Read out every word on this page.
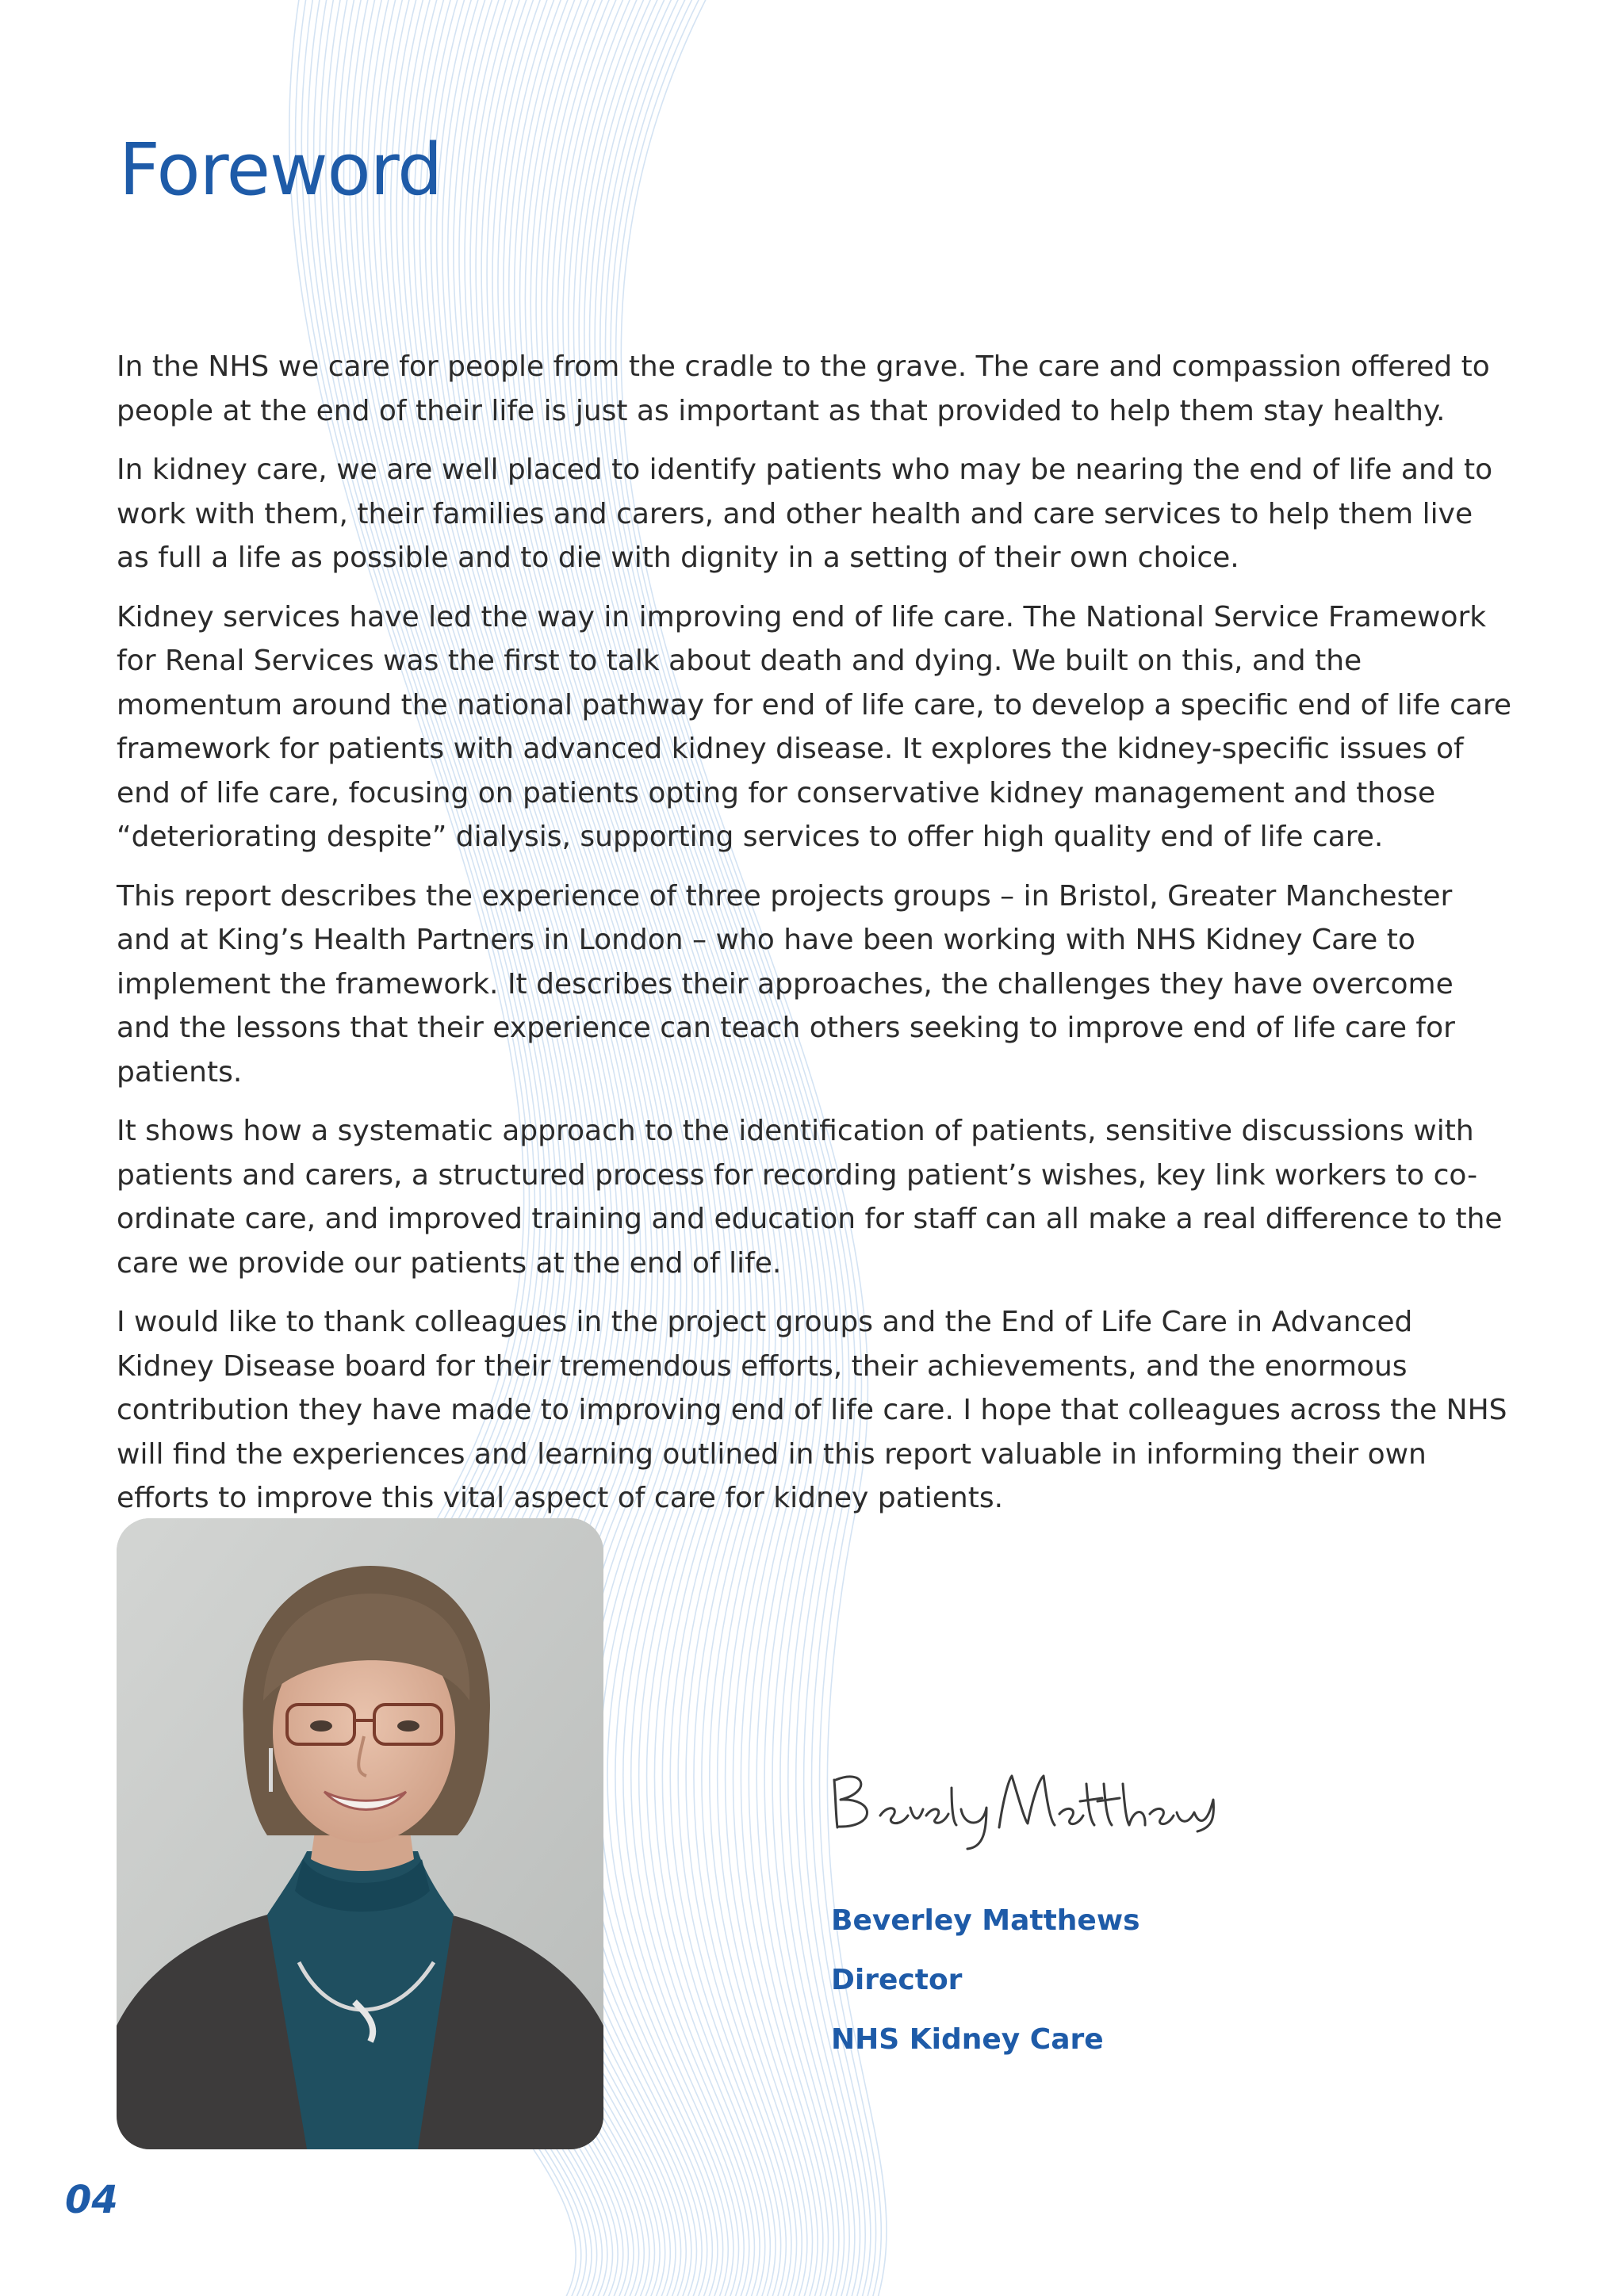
Foreword

In the NHS we care for people from the cradle to the grave. The care and compassion offered to people at the end of their life is just as important as that provided to help them stay healthy.

In kidney care, we are well placed to identify patients who may be nearing the end of life and to work with them, their families and carers, and other health and care services to help them live as full a life as possible and to die with dignity in a setting of their own choice.

Kidney services have led the way in improving end of life care. The National Service Framework for Renal Services was the first to talk about death and dying. We built on this, and the momentum around the national pathway for end of life care, to develop a specific end of life care framework for patients with advanced kidney disease. It explores the kidney-specific issues of end of life care, focusing on patients opting for conservative kidney management and those “deteriorating despite” dialysis, supporting services to offer high quality end of life care.

This report describes the experience of three projects groups – in Bristol, Greater Manchester and at King’s Health Partners in London – who have been working with NHS Kidney Care to implement the framework. It describes their approaches, the challenges they have overcome and the lessons that their experience can teach others seeking to improve end of life care for patients.

It shows how a systematic approach to the identification of patients, sensitive discussions with patients and carers, a structured process for recording patient’s wishes, key link workers to co-ordinate care, and improved training and education for staff can all make a real difference to the care we provide our patients at the end of life.

I would like to thank colleagues in the project groups and the End of Life Care in Advanced Kidney Disease board for their tremendous efforts, their achievements, and the enormous contribution they have made to improving end of life care. I hope that colleagues across the NHS will find the experiences and learning outlined in this report valuable in informing their own efforts to improve this vital aspect of care for kidney patients.

Beverley Matthews
Director
NHS Kidney Care
04
